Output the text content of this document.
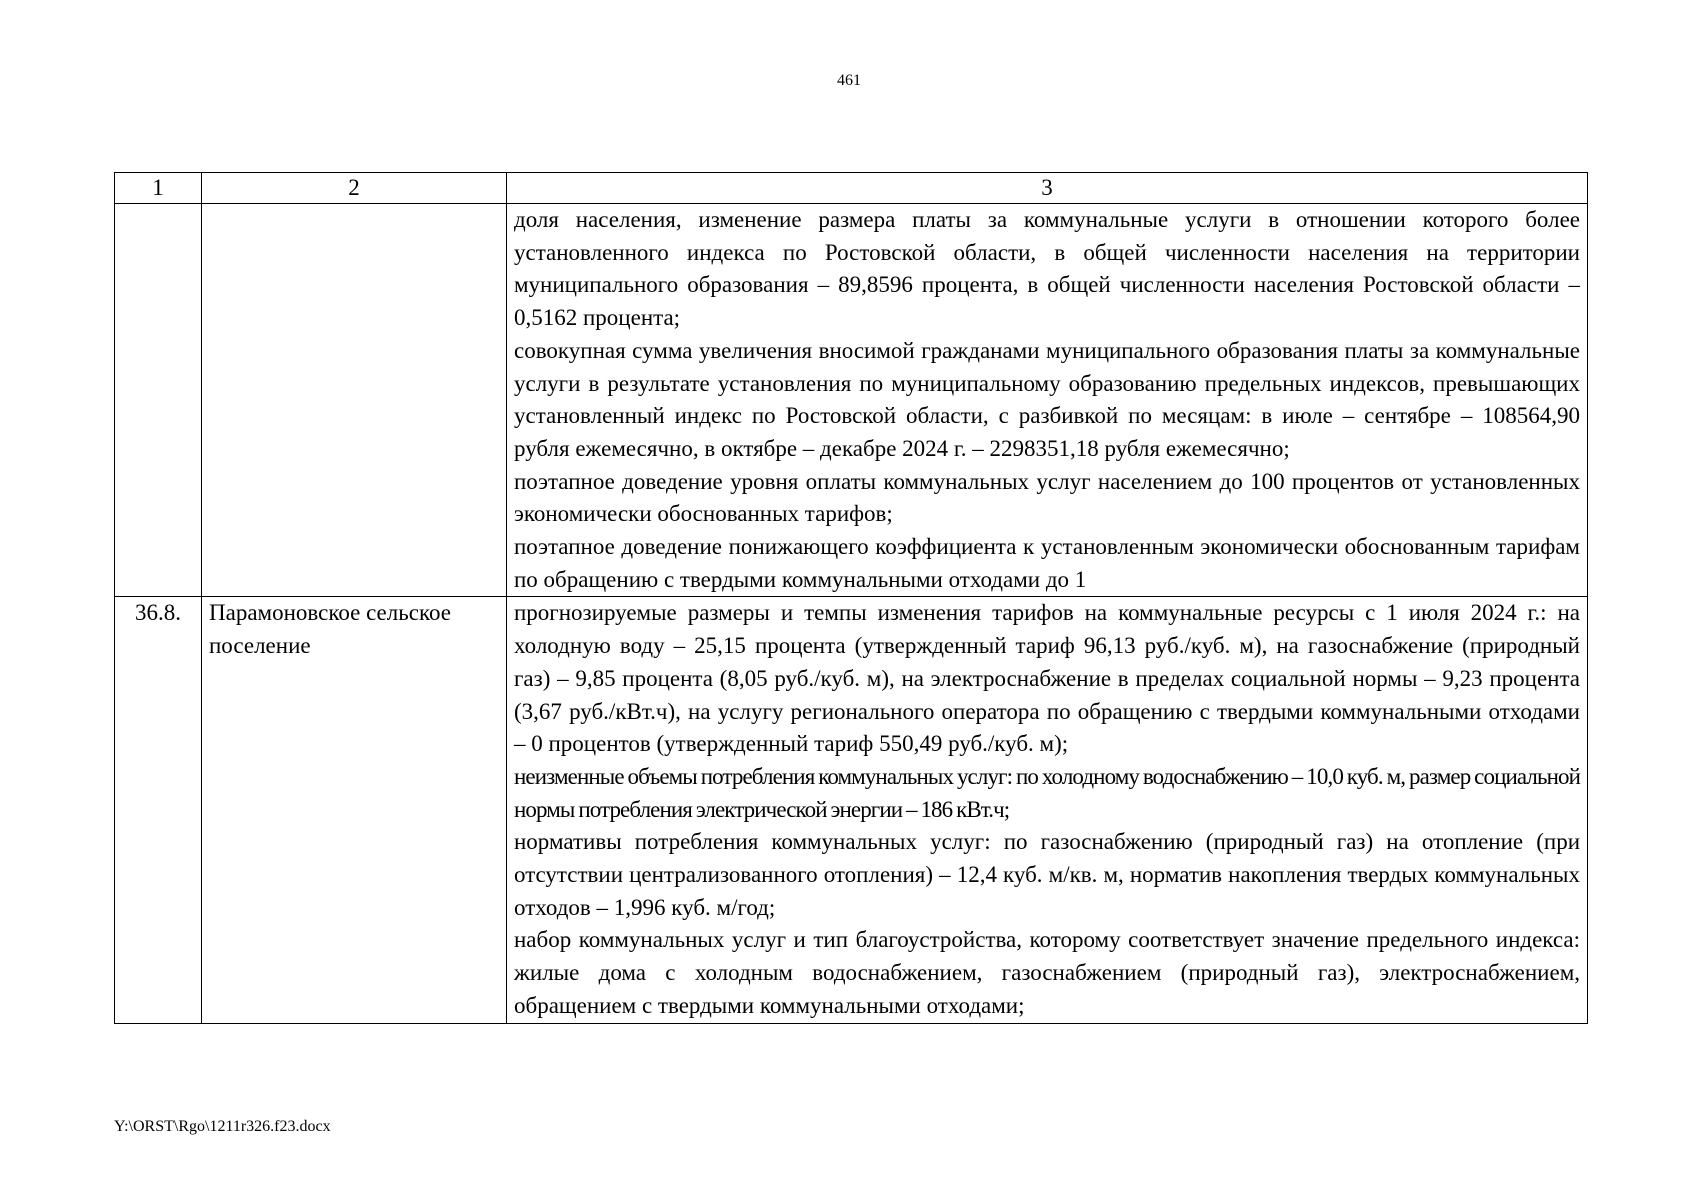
461
1	2	3

		доля населения, изменение размера платы за коммунальные услуги в отношении которого более установленного индекса по Ростовской области, в общей численности населения на территории муниципального образования – 89,8596 процента, в общей численности населения Ростовской области – 0,5162 процента;

совокупная сумма увеличения вносимой гражданами муниципального образования платы за коммунальные услуги в результате установления по муниципальному образованию предельных индексов, превышающих установленный индекс по Ростовской области, с разбивкой по месяцам: в июле – сентябре – 108564,90 рубля ежемесячно, в октябре – декабре 2024 г. – 2298351,18 рубля ежемесячно;

поэтапное доведение уровня оплаты коммунальных услуг населением до 100 процентов от установленных экономически обоснованных тарифов;

поэтапное доведение понижающего коэффициента к установленным экономически обоснованным тарифам по обращению с твердыми коммунальными отходами до 1

36.8.	Парамоновское сельское поселение	прогнозируемые размеры и темпы изменения тарифов на коммунальные ресурсы с 1 июля 2024 г.: на холодную воду – 25,15 процента (утвержденный тариф 96,13 руб./куб. м), на газоснабжение (природный газ) – 9,85 процента (8,05 руб./куб. м), на электроснабжение в пределах социальной нормы – 9,23 процента (3,67 руб./кВт.ч), на услугу регионального оператора по обращению с твердыми коммунальными отходами – 0 процентов (утвержденный тариф 550,49 руб./куб. м);

неизменные объемы потребления коммунальных услуг: по холодному водоснабжению – 10,0 куб. м, размер социальной нормы потребления электрической энергии – 186 кВт.ч;

нормативы потребления коммунальных услуг: по газоснабжению (природный газ) на отопление (при отсутствии централизованного отопления) – 12,4 куб. м/кв. м, норматив накопления твердых коммунальных отходов – 1,996 куб. м/год;

набор коммунальных услуг и тип благоустройства, которому соответствует значение предельного индекса: жилые дома с холодным водоснабжением, газоснабжением (природный газ), электроснабжением, обращением с твердыми коммунальными отходами;

Y:\ORST\Rgo\1211r326.f23.docx
